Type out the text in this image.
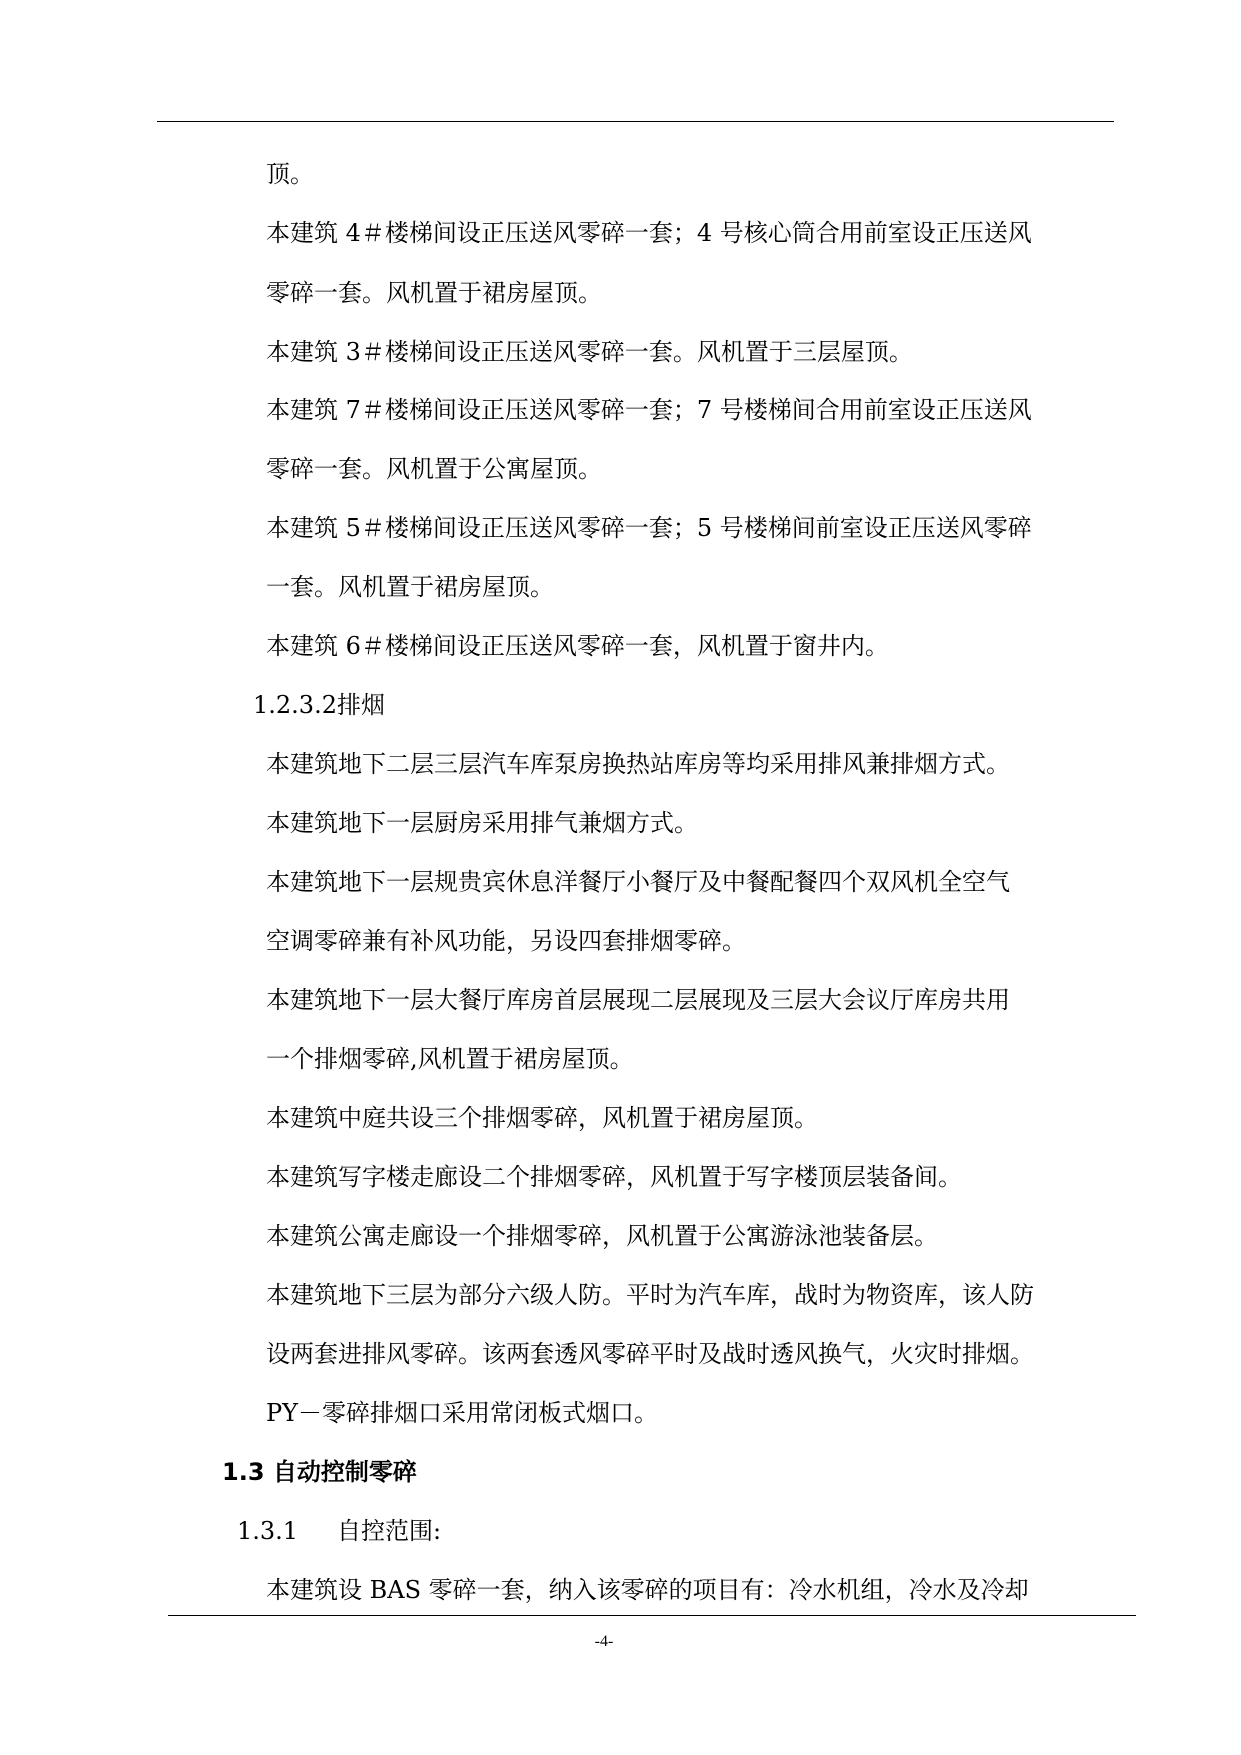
顶。
本建筑 4＃楼梯间设正压送风零碎一套；4 号核心筒合用前室设正压送风
零碎一套。风机置于裙房屋顶。
本建筑 3＃楼梯间设正压送风零碎一套。风机置于三层屋顶。
本建筑 7＃楼梯间设正压送风零碎一套；7 号楼梯间合用前室设正压送风
零碎一套。风机置于公寓屋顶。
本建筑 5＃楼梯间设正压送风零碎一套；5 号楼梯间前室设正压送风零碎
一套。风机置于裙房屋顶。
本建筑 6＃楼梯间设正压送风零碎一套，风机置于窗井内。
1.2.3.2排烟
本建筑地下二层三层汽车库泵房换热站库房等均采用排风兼排烟方式。
本建筑地下一层厨房采用排气兼烟方式。
本建筑地下一层规贵宾休息洋餐厅小餐厅及中餐配餐四个双风机全空气
空调零碎兼有补风功能，另设四套排烟零碎。
本建筑地下一层大餐厅库房首层展现二层展现及三层大会议厅库房共用
一个排烟零碎,风机置于裙房屋顶。
本建筑中庭共设三个排烟零碎，风机置于裙房屋顶。
本建筑写字楼走廊设二个排烟零碎，风机置于写字楼顶层装备间。
本建筑公寓走廊设一个排烟零碎，风机置于公寓游泳池装备层。
本建筑地下三层为部分六级人防。平时为汽车库，战时为物资库，该人防
设两套进排风零碎。该两套透风零碎平时及战时透风换气，火灾时排烟。
PY－零碎排烟口采用常闭板式烟口。
1.3 自动控制零碎
1.3.1 自控范围:
本建筑设 BAS 零碎一套，纳入该零碎的项目有：冷水机组，冷水及冷却
-4-
